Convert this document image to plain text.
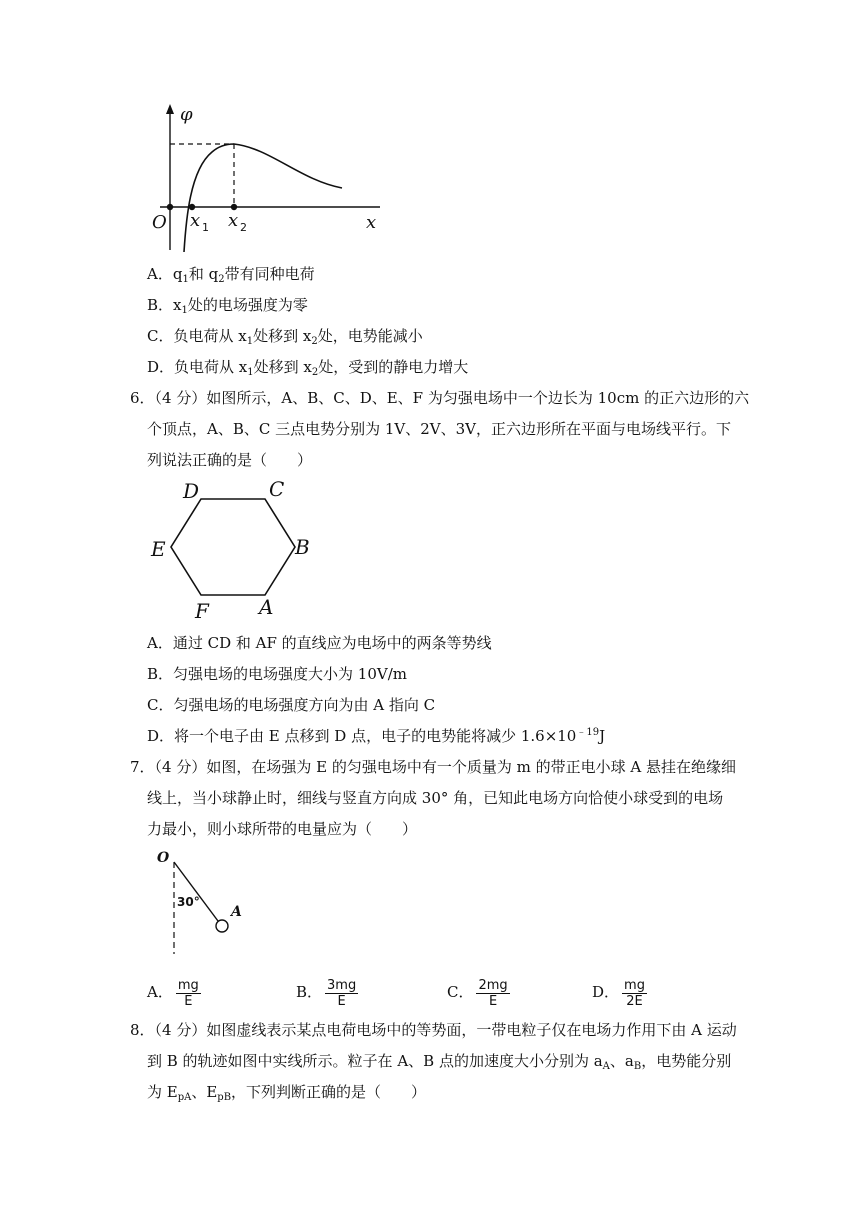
φ
O x 1 x 2	x
A．$q_1$和 $q_2$带有同种电荷
B．$x_1$处的电场强度为零
C．负电荷从 $x_1$处移到 $x_2$处，电势能减小
D．负电荷从 $x_1$处移到 $x_2$处，受到的静电力增大
6．（4 分）如图所示，A、B、C、D、E、F 为匀强电场中一个边长为 10cm 的正六边形的六
个顶点，A、B、C 三点电势分别为 1V、2V、3V，正六边形所在平面与电场线平行。下
列说法正确的是（　　）
D	C
B
E
F	A
A．通过 CD 和 AF 的直线应为电场中的两条等势线
B．匀强电场的电场强度大小为 10V/m
C．匀强电场的电场强度方向为由 A 指向 C
D．将一个电子由 E 点移到 D 点，电子的电势能将减少 $1.6\times 10^{﹣19}J$
7．（4 分）如图，在场强为 E 的匀强电场中有一个质量为 m 的带正电小球 A 悬挂在绝缘细
线上，当小球静止时，细线与竖直方向成 30° 角，已知此电场方向恰使小球受到的电场
力最小，则小球所带的电量应为（　　）
O
30°
A
A． $\frac{mg}{E}$	B． $\frac{3mg}{E}$	C． $\frac{2mg}{E}$	D． $\frac{mg}{2E}$
8．（4 分）如图虚线表示某点电荷电场中的等势面，一带电粒子仅在电场力作用下由 A 运动
到 B 的轨迹如图中实线所示。粒子在 A、B 点的加速度大小分别为 $a_A$、$a_B$，电势能分别
为 $E_{pA}$、$E_{pB}$，下列判断正确的是（　　）
